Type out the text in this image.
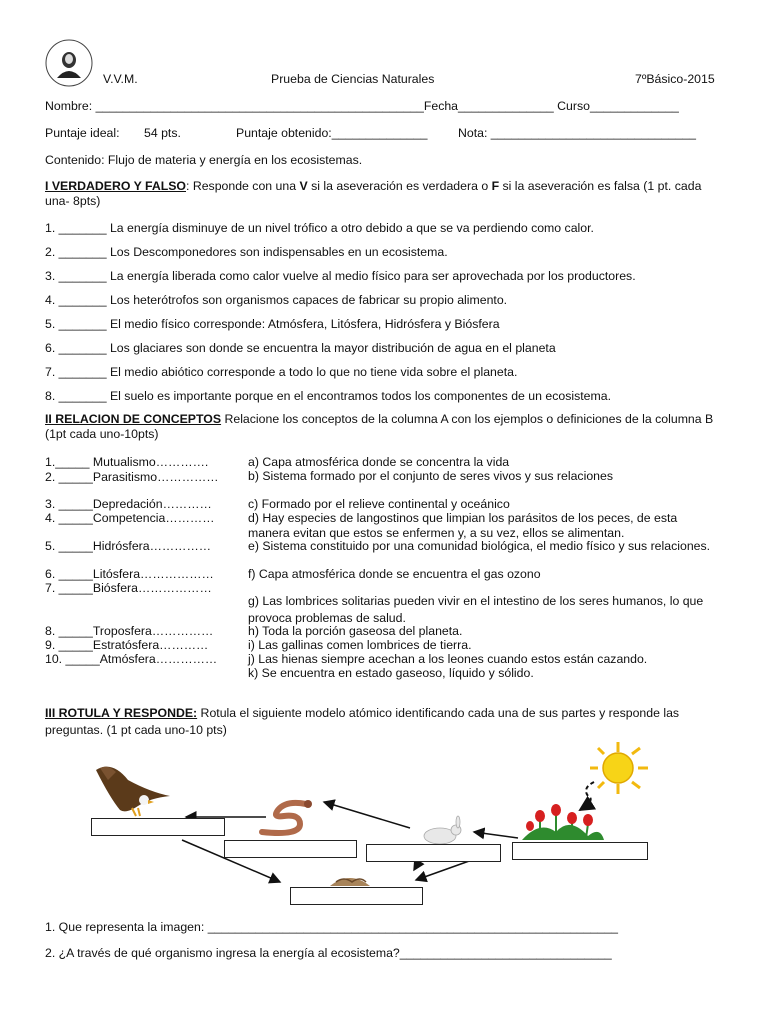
V.V.M.	Prueba de Ciencias Naturales	7ºBásico-2015
Nombre: ________________________________________________Fecha______________ Curso_____________
Puntaje ideal: 54 pts.	Puntaje obtenido:______________ Nota: ______________________________
Contenido: Flujo de materia y energía en los ecosistemas.
I VERDADERO Y FALSO: Responde con una V si la aseveración es verdadera o F si la aseveración es falsa (1 pt. cada una- 8pts)
1. _______ La energía disminuye de un nivel trófico a otro debido a que se va perdiendo como calor.
2. _______ Los Descomponedores son indispensables en un ecosistema.
3. _______ La energía liberada como calor vuelve al medio físico para ser aprovechada por los productores.
4. _______ Los heterótrofos son organismos capaces de fabricar su propio alimento.
5. _______ El medio físico corresponde: Atmósfera, Litósfera, Hidrósfera y Biósfera
6. _______ Los glaciares son donde se encuentra la mayor distribución de agua en el planeta
7. _______ El medio abiótico corresponde a todo lo que no tiene vida sobre el planeta.
8. _______ El suelo es importante porque en el encontramos todos los componentes de un ecosistema.
II RELACION DE CONCEPTOS Relacione los conceptos de la columna A con los ejemplos o definiciones de la columna B (1pt cada uno-10pts)
1._____ Mutualismo………….
2. _____Parasitismo……………
3. _____Depredación…………
4. _____Competencia…………
5. _____Hidrósfera……………
6. _____Litósfera………………
7. _____Biósfera………………
8. _____Troposfera……………
9. _____Estratósfera…………
10. _____Atmósfera……………
a) Capa atmosférica donde se concentra la vida
b) Sistema formado por el conjunto de seres vivos y sus relaciones
c) Formado por el relieve continental y oceánico
d) Hay especies de langostinos que limpian los parásitos de los peces, de esta manera evitan que estos se enfermen y, a su vez, ellos se alimentan.
e) Sistema constituido por una comunidad biológica, el medio físico y sus relaciones.
f) Capa atmosférica donde se encuentra el gas ozono
g) Las lombrices solitarias pueden vivir en el intestino de los seres humanos, lo que provoca problemas de salud.
h) Toda la porción gaseosa del planeta.
i) Las gallinas comen lombrices de tierra.
j) Las hienas siempre acechan a los leones cuando estos están cazando.
k) Se encuentra en estado gaseoso, líquido y sólido.
III ROTULA Y RESPONDE: Rotula el siguiente modelo atómico identificando cada una de sus partes y responde las preguntas. (1 pt cada uno-10 pts)
1. Que representa la imagen: ____________________________________________________________
2. ¿A través de qué organismo ingresa la energía al ecosistema?_______________________________
